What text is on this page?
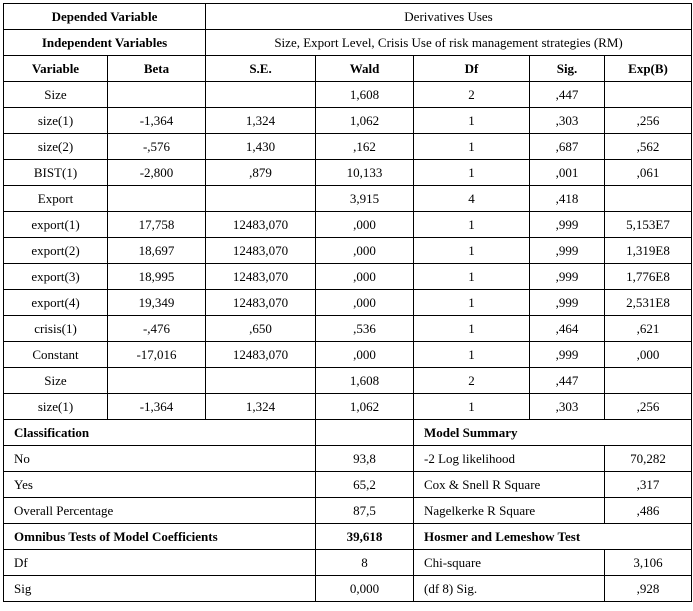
Depended Variable		Derivatives Uses				
Independent Variables		Size, Export Level, Crisis Use of risk management strategies (RM)				
Variable	Beta	S.E.	Wald	Df	Sig.	Exp(B)
Size			1,608	2	,447	
size(1)	-1,364	1,324	1,062	1	,303	,256
size(2)	-,576	1,430	,162	1	,687	,562
BIST(1)	-2,800	,879	10,133	1	,001	,061
Export			3,915	4	,418	
export(1)	17,758	12483,070	,000	1	,999	5,153E7
export(2)	18,697	12483,070	,000	1	,999	1,319E8
export(3)	18,995	12483,070	,000	1	,999	1,776E8
export(4)	19,349	12483,070	,000	1	,999	2,531E8
crisis(1)	-,476	,650	,536	1	,464	,621
Constant	-17,016	12483,070	,000	1	,999	,000
Size			1,608	2	,447	
size(1)	-1,364	1,324	1,062	1	,303	,256
Classification				Model Summary		
No			93,8	-2 Log likelihood		70,282
Yes			65,2	Cox & Snell R Square		,317
Overall Percentage			87,5	Nagelkerke R Square		,486
Omnibus Tests of Model Coefficients			39,618	Hosmer and Lemeshow Test		
Df			8	Chi-square		3,106
Sig			0,000	(df 8) Sig.		,928
